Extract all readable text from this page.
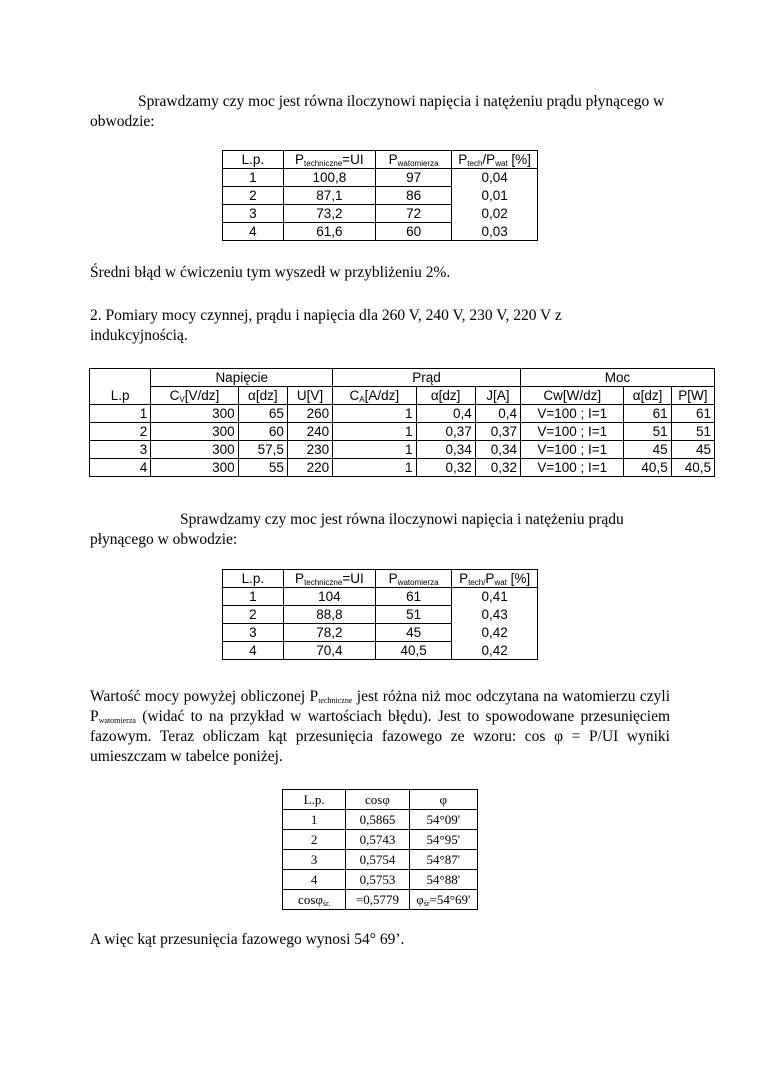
Sprawdzamy czy moc jest równa iloczynowi napięcia i natężeniu prądu płynącego w obwodzie:
L.p.	$P_{techniczne}=UI$	$P_{watomierza}$	$P_{tech}/P_{wat}$ [%]
1	100,8	97	0,04
2	87,1	86	0,01
3	73,2	72	0,02
4	61,6	60	0,03
Średni błąd w ćwiczeniu tym wyszedł w przybliżeniu 2%.
2. Pomiary mocy czynnej, prądu i napięcia dla 260 V, 240 V, 230 V, 220 V z indukcyjnością.
	Napięcie			Prąd			Moc		
L.p	$C_V[V/dz]$	α[dz]	U[V]	$C_A[A/dz]$	α[dz]	J[A]	Cw[W/dz]	α[dz]	P[W]
1	300	65	260	1	0,4	0,4	V=100 ; I=1	61	61
2	300	60	240	1	0,37	0,37	V=100 ; I=1	51	51
3	300	57,5	230	1	0,34	0,34	V=100 ; I=1	45	45
4	300	55	220	1	0,32	0,32	V=100 ; I=1	40,5	40,5
Sprawdzamy czy moc jest równa iloczynowi napięcia i natężeniu prądu płynącego w obwodzie:
L.p.	$P_{techniczne}=UI$	$P_{watomierza}$	$P_{tech/}P_{wat}$ [%]
1	104	61	0,41
2	88,8	51	0,43
3	78,2	45	0,42
4	70,4	40,5	0,42
Wartość mocy powyżej obliczonej $P_{techniczne}$ jest różna niż moc odczytana na watomierzu czyli $P_{watomierza}$ (widać to na przykład w wartościach błędu). Jest to spowodowane przesunięciem fazowym. Teraz obliczam kąt przesunięcia fazowego ze wzoru: cos φ = P/UI wyniki umieszczam w tabelce poniżej.
L.p.	cosφ	φ
1	0,5865	54°09'
2	0,5743	54°95'
3	0,5754	54°87'
4	0,5753	54°88'
cosφ$_{śr.}$	=0,5779	$\varphi_{śr}=54^\circ 69'$
A więc kąt przesunięcia fazowego wynosi 54° 69’.
